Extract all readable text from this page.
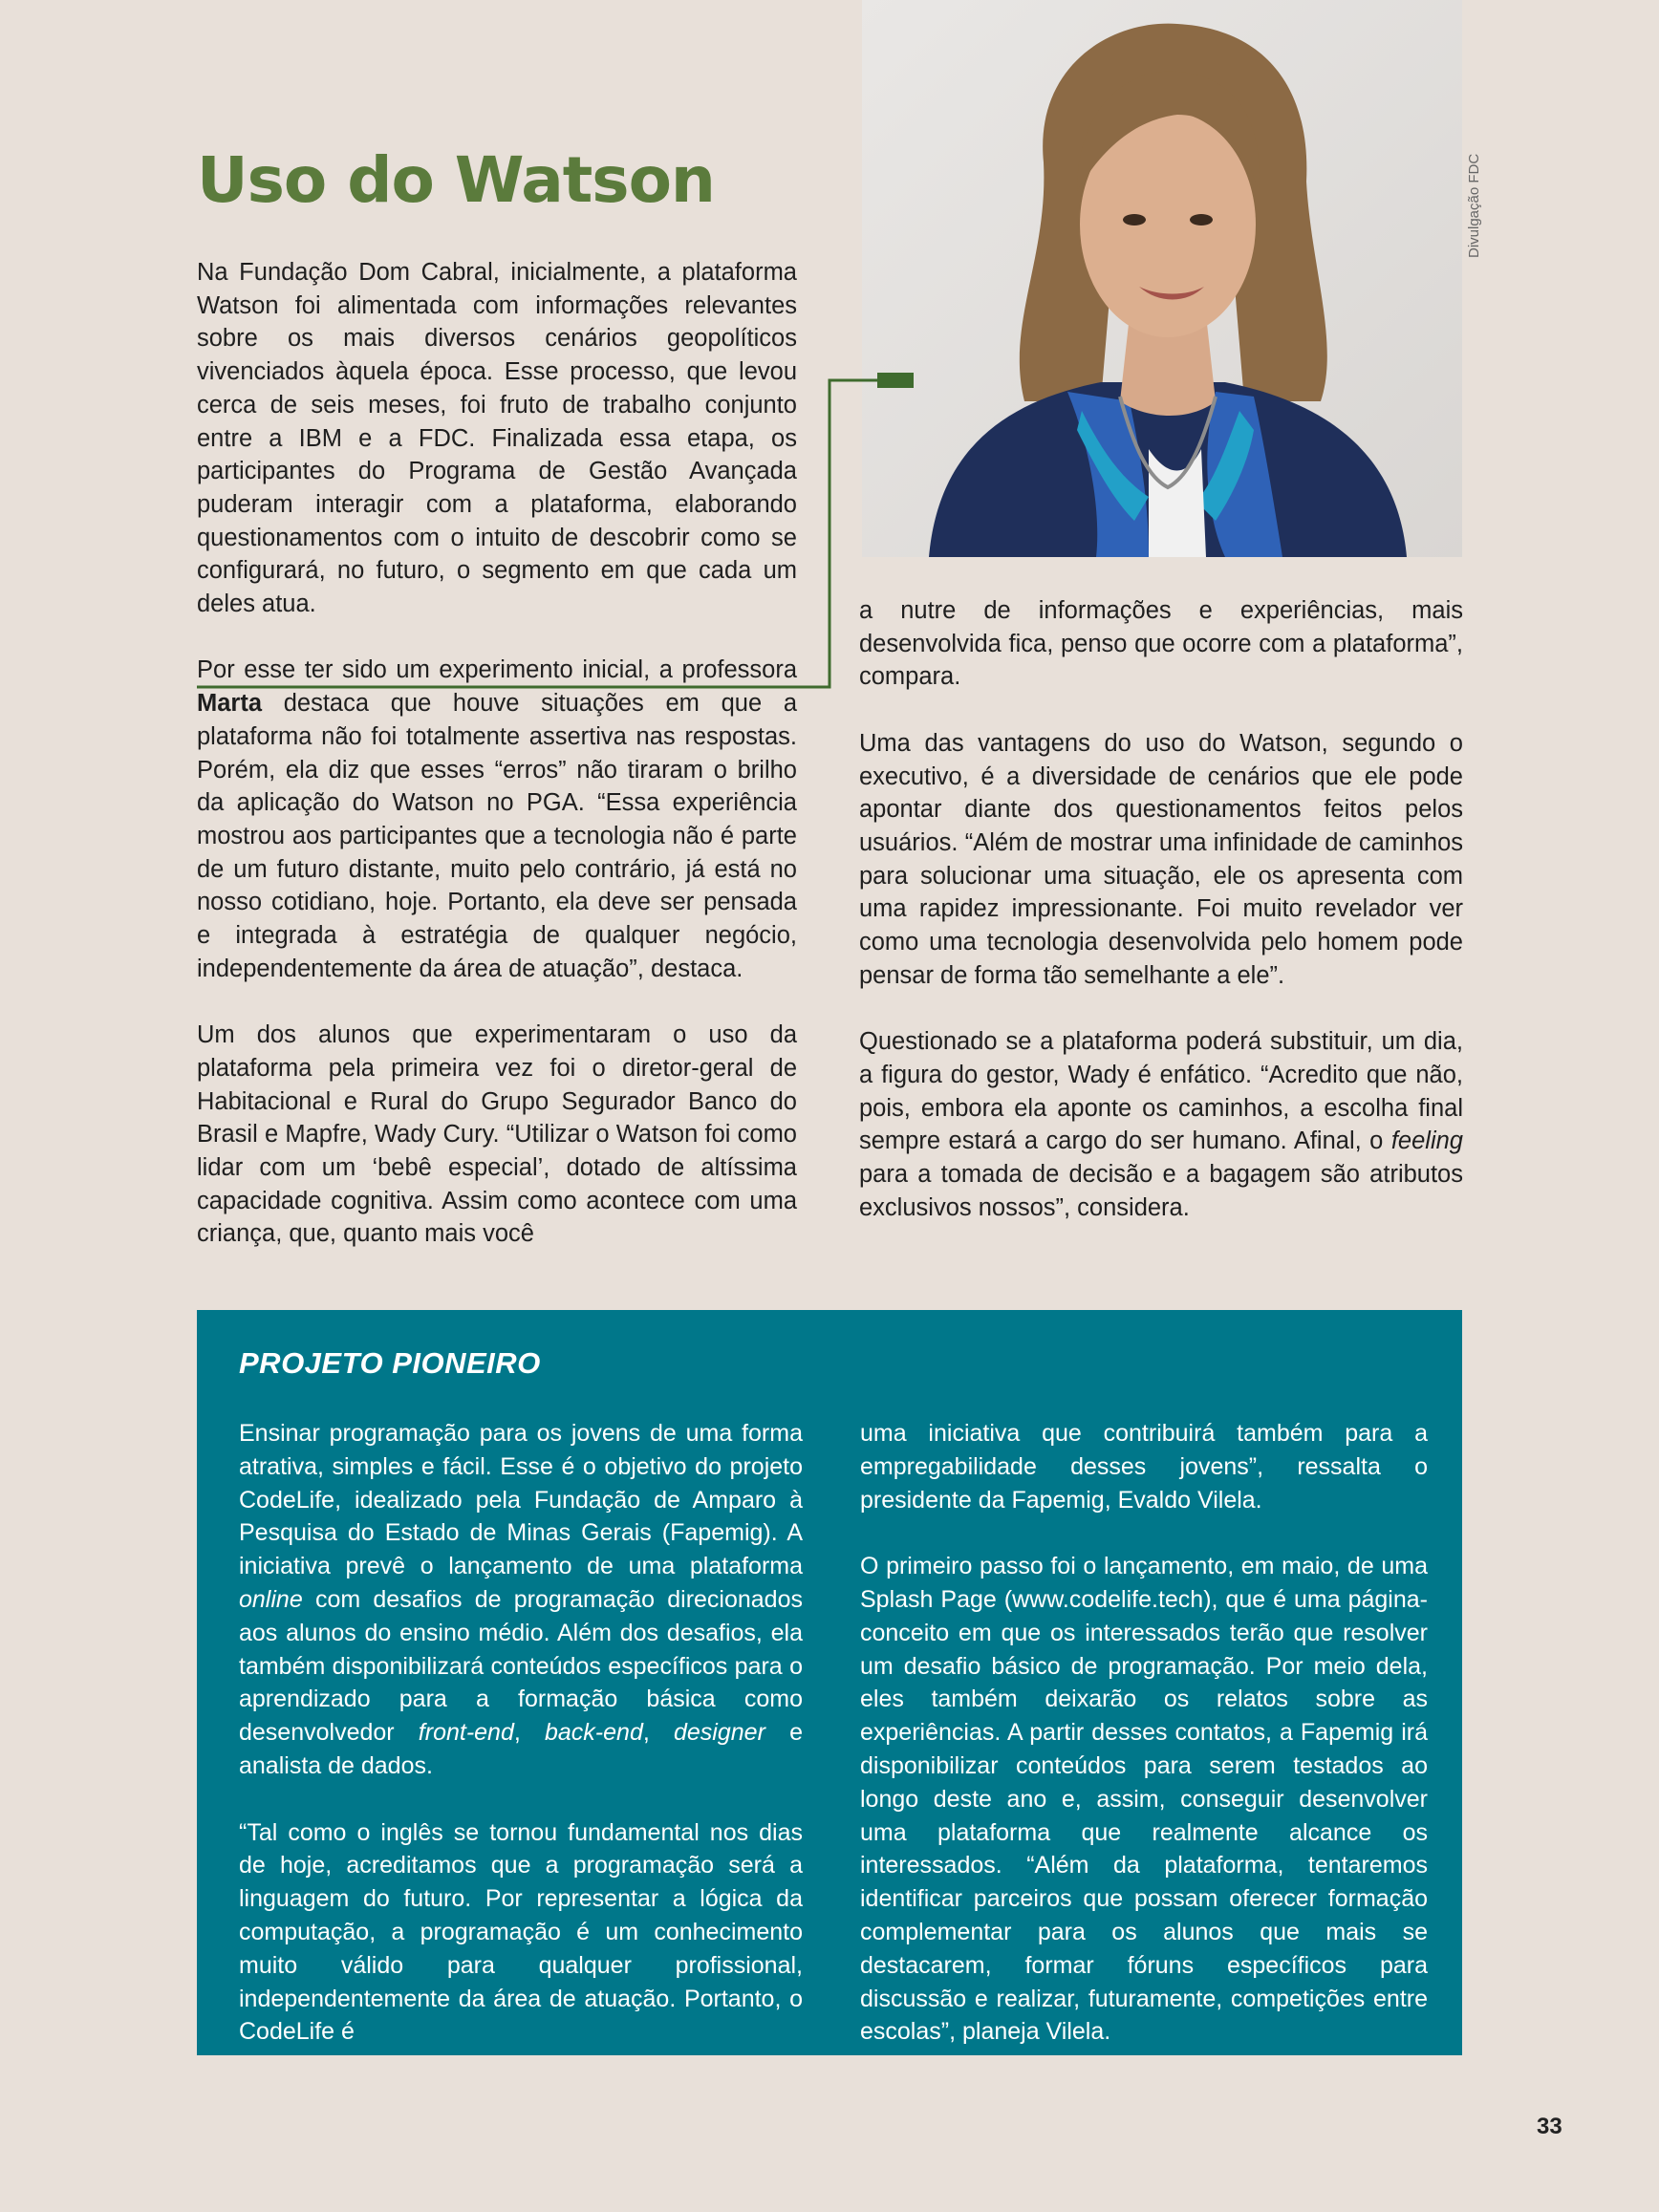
Uso do Watson	Divulgação FDC

Na Fundação Dom Cabral, inicialmente, a plataforma Watson foi alimentada com informações relevantes sobre os mais diversos cenários geopolíticos vivenciados àquela época. Esse processo, que levou cerca de seis meses, foi fruto de trabalho conjunto entre a IBM e a FDC. Finalizada essa etapa, os participantes do Programa de Gestão Avançada puderam interagir com a plataforma, elaborando questionamentos com o intuito de descobrir como se configurará, no futuro, o segmento em que cada um deles atua.

Por esse ter sido um experimento inicial, a professora Marta destaca que houve situações em que a plataforma não foi totalmente assertiva nas respostas. Porém, ela diz que esses “erros” não tiraram o brilho da aplicação do Watson no PGA. “Essa experiência mostrou aos participantes que a tecnologia não é parte de um futuro distante, muito pelo contrário, já está no nosso cotidiano, hoje. Portanto, ela deve ser pensada e integrada à estratégia de qualquer negócio, independentemente da área de atuação”, destaca.

Um dos alunos que experimentaram o uso da plataforma pela primeira vez foi o diretor-geral de Habitacional e Rural do Grupo Segurador Banco do Brasil e Mapfre, Wady Cury. “Utilizar o Watson foi como lidar com um ‘bebê especial’, dotado de altíssima capacidade cognitiva. Assim como acontece com uma criança, que, quanto mais você

a nutre de informações e experiências, mais desenvolvida fica, penso que ocorre com a plataforma”, compara.

Uma das vantagens do uso do Watson, segundo o executivo, é a diversidade de cenários que ele pode apontar diante dos questionamentos feitos pelos usuários. “Além de mostrar uma infinidade de caminhos para solucionar uma situação, ele os apresenta com uma rapidez impressionante. Foi muito revelador ver como uma tecnologia desenvolvida pelo homem pode pensar de forma tão semelhante a ele”.

Questionado se a plataforma poderá substituir, um dia, a figura do gestor, Wady é enfático. “Acredito que não, pois, embora ela aponte os caminhos, a escolha final sempre estará a cargo do ser humano. Afinal, o feeling para a tomada de decisão e a bagagem são atributos exclusivos nossos”, considera.

PROJETO PIONEIRO

Ensinar programação para os jovens de uma forma atrativa, simples e fácil. Esse é o objetivo do projeto CodeLife, idealizado pela Fundação de Amparo à Pesquisa do Estado de Minas Gerais (Fapemig). A iniciativa prevê o lançamento de uma plataforma online com desafios de programação direcionados aos alunos do ensino médio. Além dos desafios, ela também disponibilizará conteúdos específicos para o aprendizado para a formação básica como desenvolvedor front-end, back-end, designer e analista de dados.

“Tal como o inglês se tornou fundamental nos dias de hoje, acreditamos que a programação será a linguagem do futuro. Por representar a lógica da computação, a programação é um conhecimento muito válido para qualquer profissional, independentemente da área de atuação. Portanto, o CodeLife é

uma iniciativa que contribuirá também para a empregabilidade desses jovens”, ressalta o presidente da Fapemig, Evaldo Vilela.

O primeiro passo foi o lançamento, em maio, de uma Splash Page (www.codelife.tech), que é uma página-conceito em que os interessados terão que resolver um desafio básico de programação. Por meio dela, eles também deixarão os relatos sobre as experiências. A partir desses contatos, a Fapemig irá disponibilizar conteúdos para serem testados ao longo deste ano e, assim, conseguir desenvolver uma plataforma que realmente alcance os interessados. “Além da plataforma, tentaremos identificar parceiros que possam oferecer formação complementar para os alunos que mais se destacarem, formar fóruns específicos para discussão e realizar, futuramente, competições entre escolas”, planeja Vilela.

33
